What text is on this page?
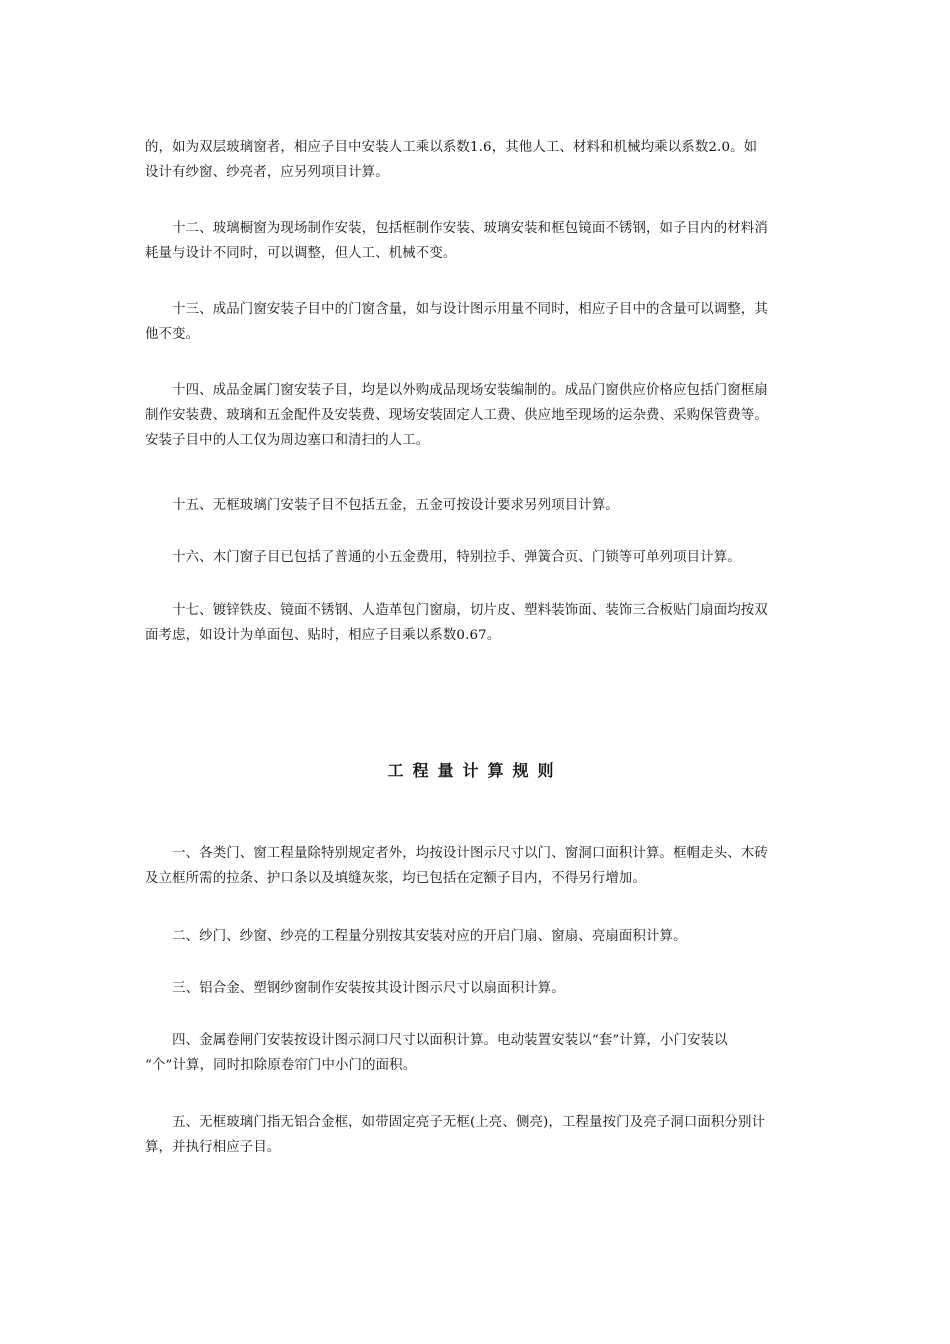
的，如为双层玻璃窗者，相应子目中安装人工乘以系数1.6，其他人工、材料和机械均乘以系数2.0。如
设计有纱窗、纱亮者，应另列项目计算。

　　十二、玻璃橱窗为现场制作安装，包括框制作安装、玻璃安装和框包镜面不锈钢，如子目内的材料消
耗量与设计不同时，可以调整，但人工、机械不变。

　　十三、成品门窗安装子目中的门窗含量，如与设计图示用量不同时，相应子目中的含量可以调整，其
他不变。

　　十四、成品金属门窗安装子目，均是以外购成品现场安装编制的。成品门窗供应价格应包括门窗框扇
制作安装费、玻璃和五金配件及安装费、现场安装固定人工费、供应地至现场的运杂费、采购保管费等。
安装子目中的人工仅为周边塞口和清扫的人工。

　　十五、无框玻璃门安装子目不包括五金，五金可按设计要求另列项目计算。

　　十六、木门窗子目已包括了普通的小五金费用，特别拉手、弹簧合页、门锁等可单列项目计算。

　　十七、镀锌铁皮、镜面不锈钢、人造革包门窗扇，切片皮、塑料装饰面、装饰三合板贴门扇面均按双
面考虑，如设计为单面包、贴时，相应子目乘以系数0.67。

工程量计算规则

　　一、各类门、窗工程量除特别规定者外，均按设计图示尺寸以门、窗洞口面积计算。框帽走头、木砖
及立框所需的拉条、护口条以及填缝灰浆，均已包括在定额子目内，不得另行增加。

　　二、纱门、纱窗、纱亮的工程量分别按其安装对应的开启门扇、窗扇、亮扇面积计算。

　　三、铝合金、塑钢纱窗制作安装按其设计图示尺寸以扇面积计算。

　　四、金属卷闸门安装按设计图示洞口尺寸以面积计算。电动装置安装以“套”计算，小门安装以
“个”计算，同时扣除原卷帘门中小门的面积。

　　五、无框玻璃门指无铝合金框，如带固定亮子无框(上亮、侧亮)，工程量按门及亮子洞口面积分别计
算，并执行相应子目。
